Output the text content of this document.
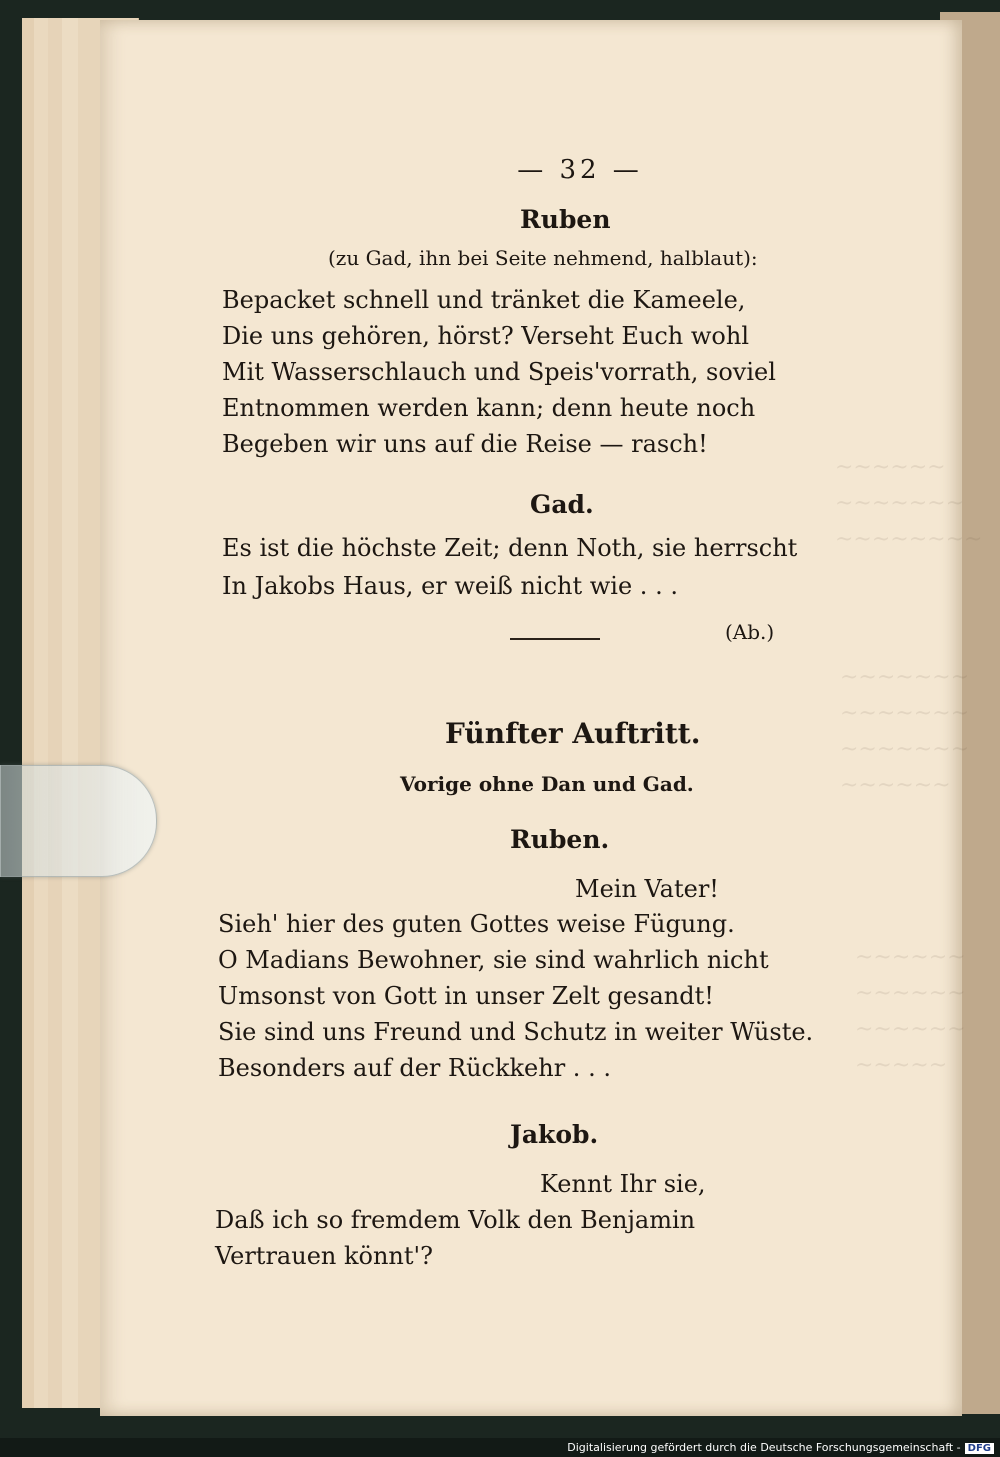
~~~~~~
~~~~~~~
~~~~~~~~
~~~~~~~
~~~~~~~
~~~~~~~
~~~~~~
~~~~~~
~~~~~~
~~~~~~
~~~~~
— 32 —
Ruben
(zu Gad, ihn bei Seite nehmend, halblaut):
Bepacket schnell und tränket die Kameele,
Die uns gehören, hörst? Verseht Euch wohl
Mit Wasserschlauch und Speis'vorrath, soviel
Entnommen werden kann; denn heute noch
Begeben wir uns auf die Reise — rasch!
Gad.
Es ist die höchste Zeit; denn Noth, sie herrscht
In Jakobs Haus, er weiß nicht wie . . .
(Ab.)
Fünfter Auftritt.
Vorige ohne Dan und Gad.
Ruben.
Mein Vater!
Sieh' hier des guten Gottes weise Fügung.
O Madians Bewohner, sie sind wahrlich nicht
Umsonst von Gott in unser Zelt gesandt!
Sie sind uns Freund und Schutz in weiter Wüste.
Besonders auf der Rückkehr . . .
Jakob.
Kennt Ihr sie,
Daß ich so fremdem Volk den Benjamin
Vertrauen könnt'?
Digitalisierung gefördert durch die Deutsche Forschungsgemeinschaft - DFG
